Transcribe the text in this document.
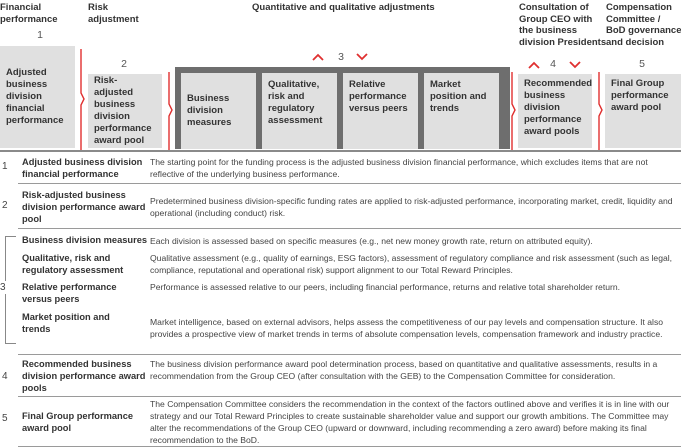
Financial performance
Risk adjustment
Quantitative and qualitative adjustments	Consultation of Group CEO with the business division Presidents
Compensation Committee / BoD governance and decision
1
2
3
4	5
Adjusted business division financial performance
Risk-adjusted business division performance award pool
Business division measures
Qualitative, risk and regulatory assessment
Relative performance versus peers
Market position and trends
Recommended business division performance award pools
Final Group performance award pool
1 Adjusted business division financial performance
The starting point for the funding process is the adjusted business division financial performance, which excludes items that are not reflective of the underlying business performance.
2
Risk-adjusted business division performance award pool
Predetermined business division-specific funding rates are applied to risk-adjusted performance, incorporating market, credit, liquidity and operational (including conduct) risk.
3
Business division measures Each division is assessed based on specific measures (e.g., net new money growth rate, return on attributed equity).
Qualitative, risk and regulatory assessment
Qualitative assessment (e.g., quality of earnings, ESG factors), assessment of regulatory compliance and risk assessment (such as legal, compliance, reputational and operational risk) support alignment to our Total Reward Principles.
Relative performance versus peers
Performance is assessed relative to our peers, including financial performance, returns and relative total shareholder return.
Market position and trends
Market intelligence, based on external advisors, helps assess the competitiveness of our pay levels and compensation structure. It also provides a prospective view of market trends in terms of absolute compensation levels, compensation framework and industry practice.
4
Recommended business division performance award pools
The business division performance award pool determination process, based on quantitative and qualitative assessments, results in a recommendation from the Group CEO (after consultation with the GEB) to the Compensation Committee for consideration.
5 Final Group performance award pool
The Compensation Committee considers the recommendation in the context of the factors outlined above and verifies it is in line with our strategy and our Total Reward Principles to create sustainable shareholder value and support our growth ambitions. The Committee may alter the recommendations of the Group CEO (upward or downward, including recommending a zero award) before making its final recommendation to the BoD.
